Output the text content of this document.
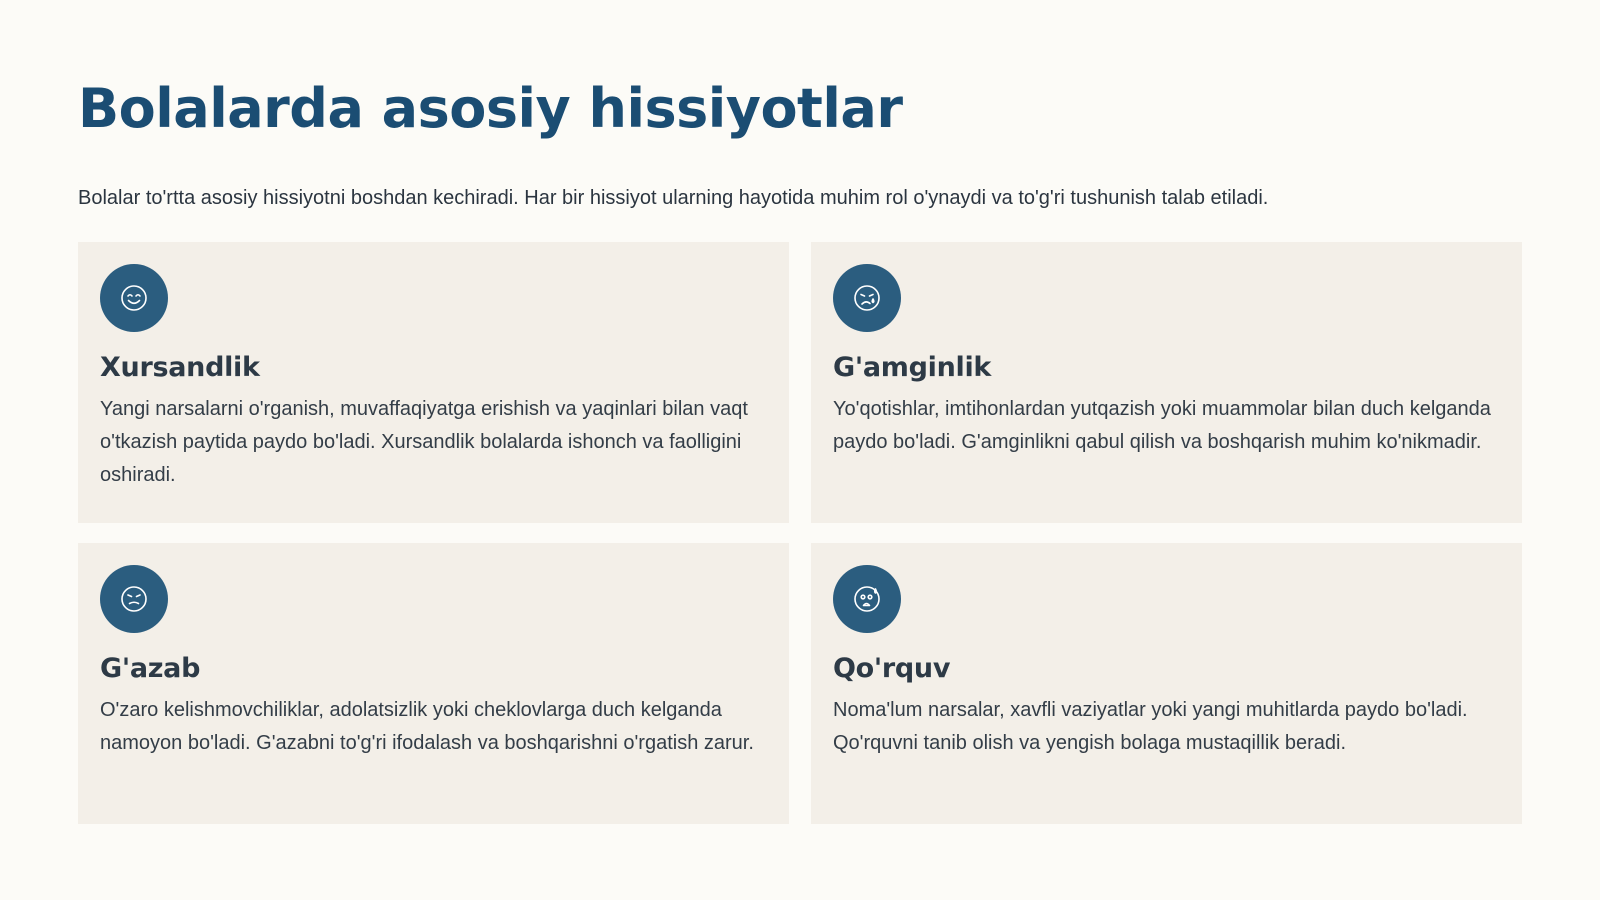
Bolalarda asosiy hissiyotlar

Bolalar to'rtta asosiy hissiyotni boshdan kechiradi. Har bir hissiyot ularning hayotida muhim rol o'ynaydi va to'g'ri tushunish talab etiladi.

Xursandlik

Yangi narsalarni o'rganish, muvaffaqiyatga erishish va yaqinlari bilan vaqt o'tkazish paytida paydo bo'ladi. Xursandlik bolalarda ishonch va faolligini oshiradi.

G'amginlik

Yo'qotishlar, imtihonlardan yutqazish yoki muammolar bilan duch kelganda paydo bo'ladi. G'amginlikni qabul qilish va boshqarish muhim ko'nikmadir.

G'azab

O'zaro kelishmovchiliklar, adolatsizlik yoki cheklovlarga duch kelganda namoyon bo'ladi. G'azabni to'g'ri ifodalash va boshqarishni o'rgatish zarur.

Qo'rquv

Noma'lum narsalar, xavfli vaziyatlar yoki yangi muhitlarda paydo bo'ladi. Qo'rquvni tanib olish va yengish bolaga mustaqillik beradi.
